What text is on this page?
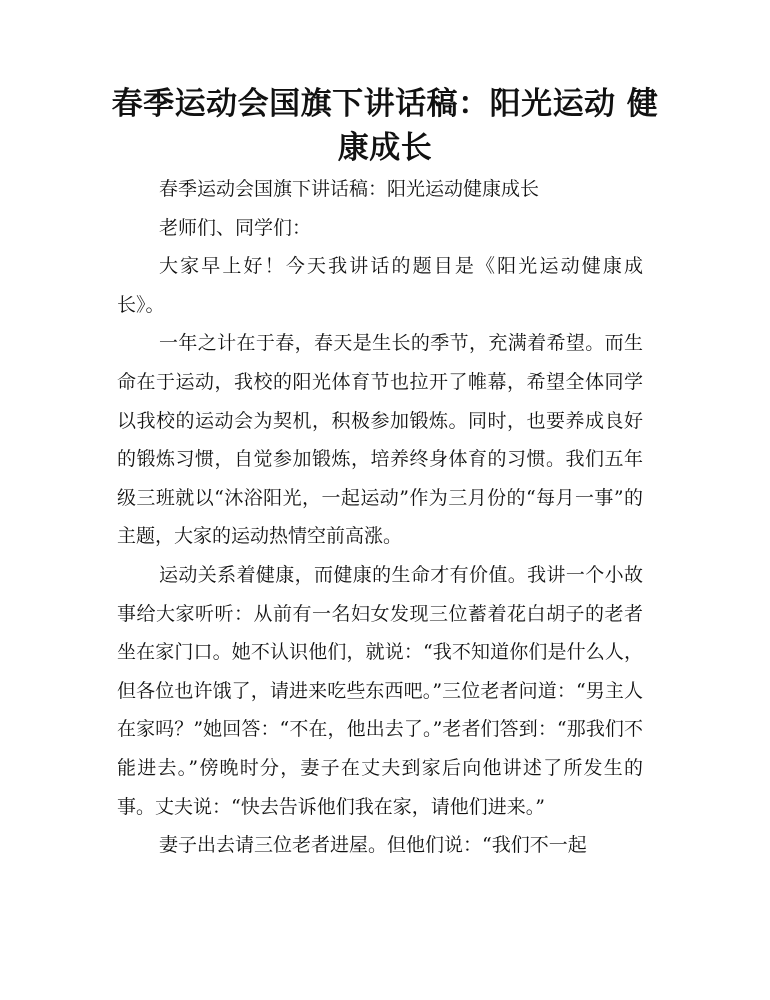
春季运动会国旗下讲话稿：阳光运动 健康成长

春季运动会国旗下讲话稿：阳光运动健康成长

老师们、同学们：

大家早上好！今天我讲话的题目是《阳光运动健康成长》。

一年之计在于春，春天是生长的季节，充满着希望。而生命在于运动，我校的阳光体育节也拉开了帷幕，希望全体同学以我校的运动会为契机，积极参加锻炼。同时，也要养成良好的锻炼习惯，自觉参加锻炼，培养终身体育的习惯。我们五年级三班就以“沐浴阳光，一起运动”作为三月份的“每月一事”的主题，大家的运动热情空前高涨。

运动关系着健康，而健康的生命才有价值。我讲一个小故事给大家听听：从前有一名妇女发现三位蓄着花白胡子的老者坐在家门口。她不认识他们，就说：“我不知道你们是什么人，但各位也许饿了，请进来吃些东西吧。”三位老者问道：“男主人在家吗？”她回答：“不在，他出去了。”老者们答到：“那我们不能进去。”傍晚时分，妻子在丈夫到家后向他讲述了所发生的事。丈夫说：“快去告诉他们我在家，请他们进来。”

妻子出去请三位老者进屋。但他们说：“我们不一起
